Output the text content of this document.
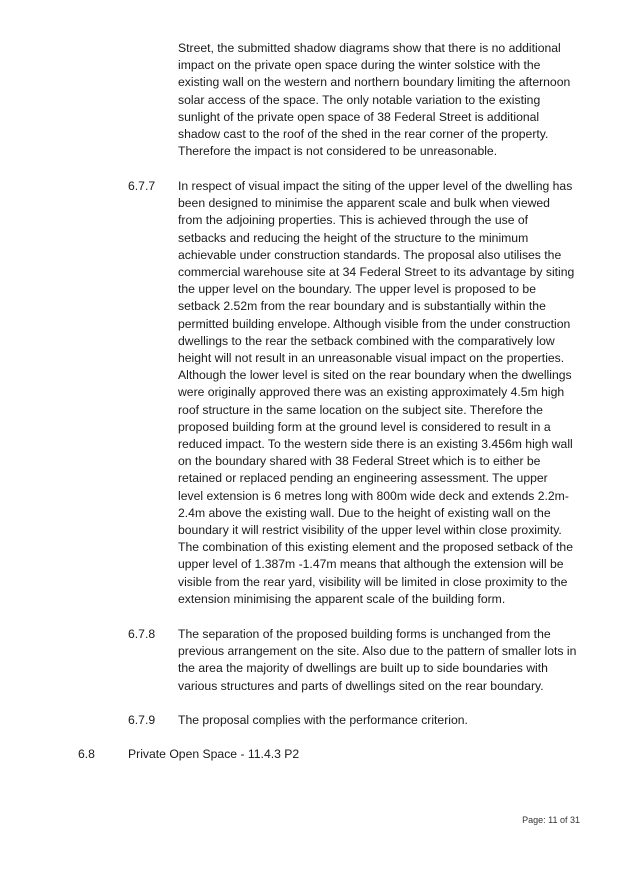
Street, the submitted shadow diagrams show that there is no additional
impact on the private open space during the winter solstice with the
existing wall on the western and northern boundary limiting the afternoon
solar access of the space. The only notable variation to the existing
sunlight of the private open space of 38 Federal Street is additional
shadow cast to the roof of the shed in the rear corner of the property.
Therefore the impact is not considered to be unreasonable.
6.7.7 In respect of visual impact the siting of the upper level of the dwelling has
been designed to minimise the apparent scale and bulk when viewed
from the adjoining properties. This is achieved through the use of
setbacks and reducing the height of the structure to the minimum
achievable under construction standards. The proposal also utilises the
commercial warehouse site at 34 Federal Street to its advantage by siting
the upper level on the boundary. The upper level is proposed to be
setback 2.52m from the rear boundary and is substantially within the
permitted building envelope. Although visible from the under construction
dwellings to the rear the setback combined with the comparatively low
height will not result in an unreasonable visual impact on the properties.
Although the lower level is sited on the rear boundary when the dwellings
were originally approved there was an existing approximately 4.5m high
roof structure in the same location on the subject site. Therefore the
proposed building form at the ground level is considered to result in a
reduced impact. To the western side there is an existing 3.456m high wall
on the boundary shared with 38 Federal Street which is to either be
retained or replaced pending an engineering assessment. The upper
level extension is 6 metres long with 800m wide deck and extends 2.2m-
2.4m above the existing wall. Due to the height of existing wall on the
boundary it will restrict visibility of the upper level within close proximity.
The combination of this existing element and the proposed setback of the
upper level of 1.387m -1.47m means that although the extension will be
visible from the rear yard, visibility will be limited in close proximity to the
extension minimising the apparent scale of the building form.
6.7.8 The separation of the proposed building forms is unchanged from the
previous arrangement on the site. Also due to the pattern of smaller lots in
the area the majority of dwellings are built up to side boundaries with
various structures and parts of dwellings sited on the rear boundary.
6.7.9 The proposal complies with the performance criterion.
6.8	Private Open Space - 11.4.3 P2
Page: 11 of 31
